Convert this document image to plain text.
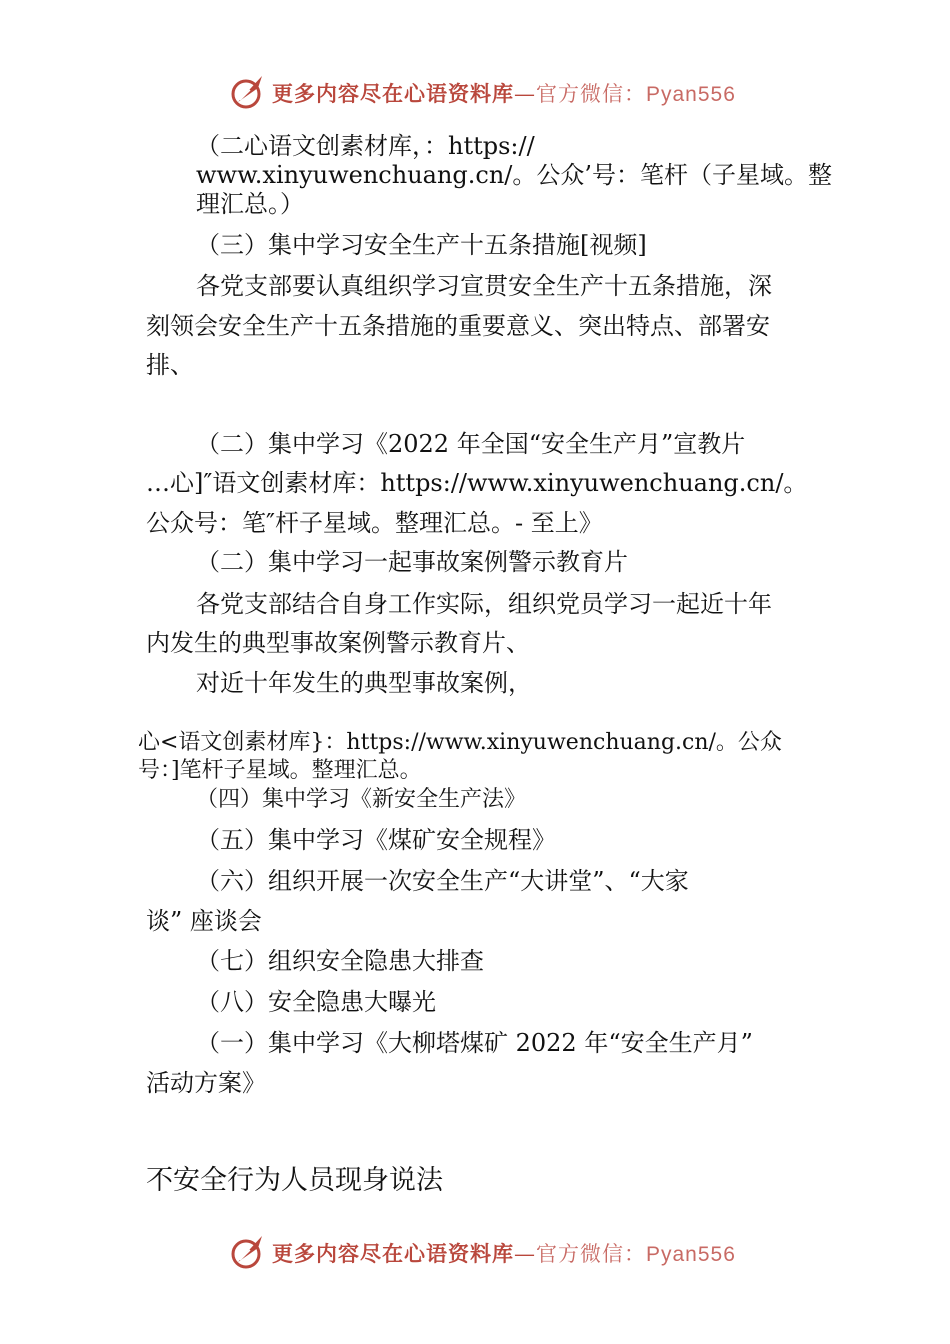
更多内容尽在心语资料库—官方微信：Pyan556
（二心语文创素材库，：https://
www.xinyuwenchuang.cn/。公众’号：笔杆（子星域。整
理汇总。）
（三）集中学习安全生产十五条措施[视频]
各党支部要认真组织学习宣贯安全生产十五条措施，深
刻领会安全生产十五条措施的重要意义、突出特点、部署安
排、
（二）集中学习《2022 年全国“安全生产月”宣教片
…心]″语文创素材库：https://www.xinyuwenchuang.cn/。
公众号：笔″杆子星域。整理汇总。- 至上》
（二）集中学习一起事故案例警示教育片
各党支部结合自身工作实际，组织党员学习一起近十年
内发生的典型事故案例警示教育片、
对近十年发生的典型事故案例，
心<语文创素材库}：https://www.xinyuwenchuang.cn/。公众
号：]笔杆子星域。整理汇总。
（四）集中学习《新安全生产法》
（五）集中学习《煤矿安全规程》
（六）组织开展一次安全生产“大讲堂”、“大家
谈” 座谈会
（七）组织安全隐患大排查
（八）安全隐患大曝光
（一）集中学习《大柳塔煤矿 2022 年“安全生产月”
活动方案》
不安全行为人员现身说法
更多内容尽在心语资料库—官方微信：Pyan556
